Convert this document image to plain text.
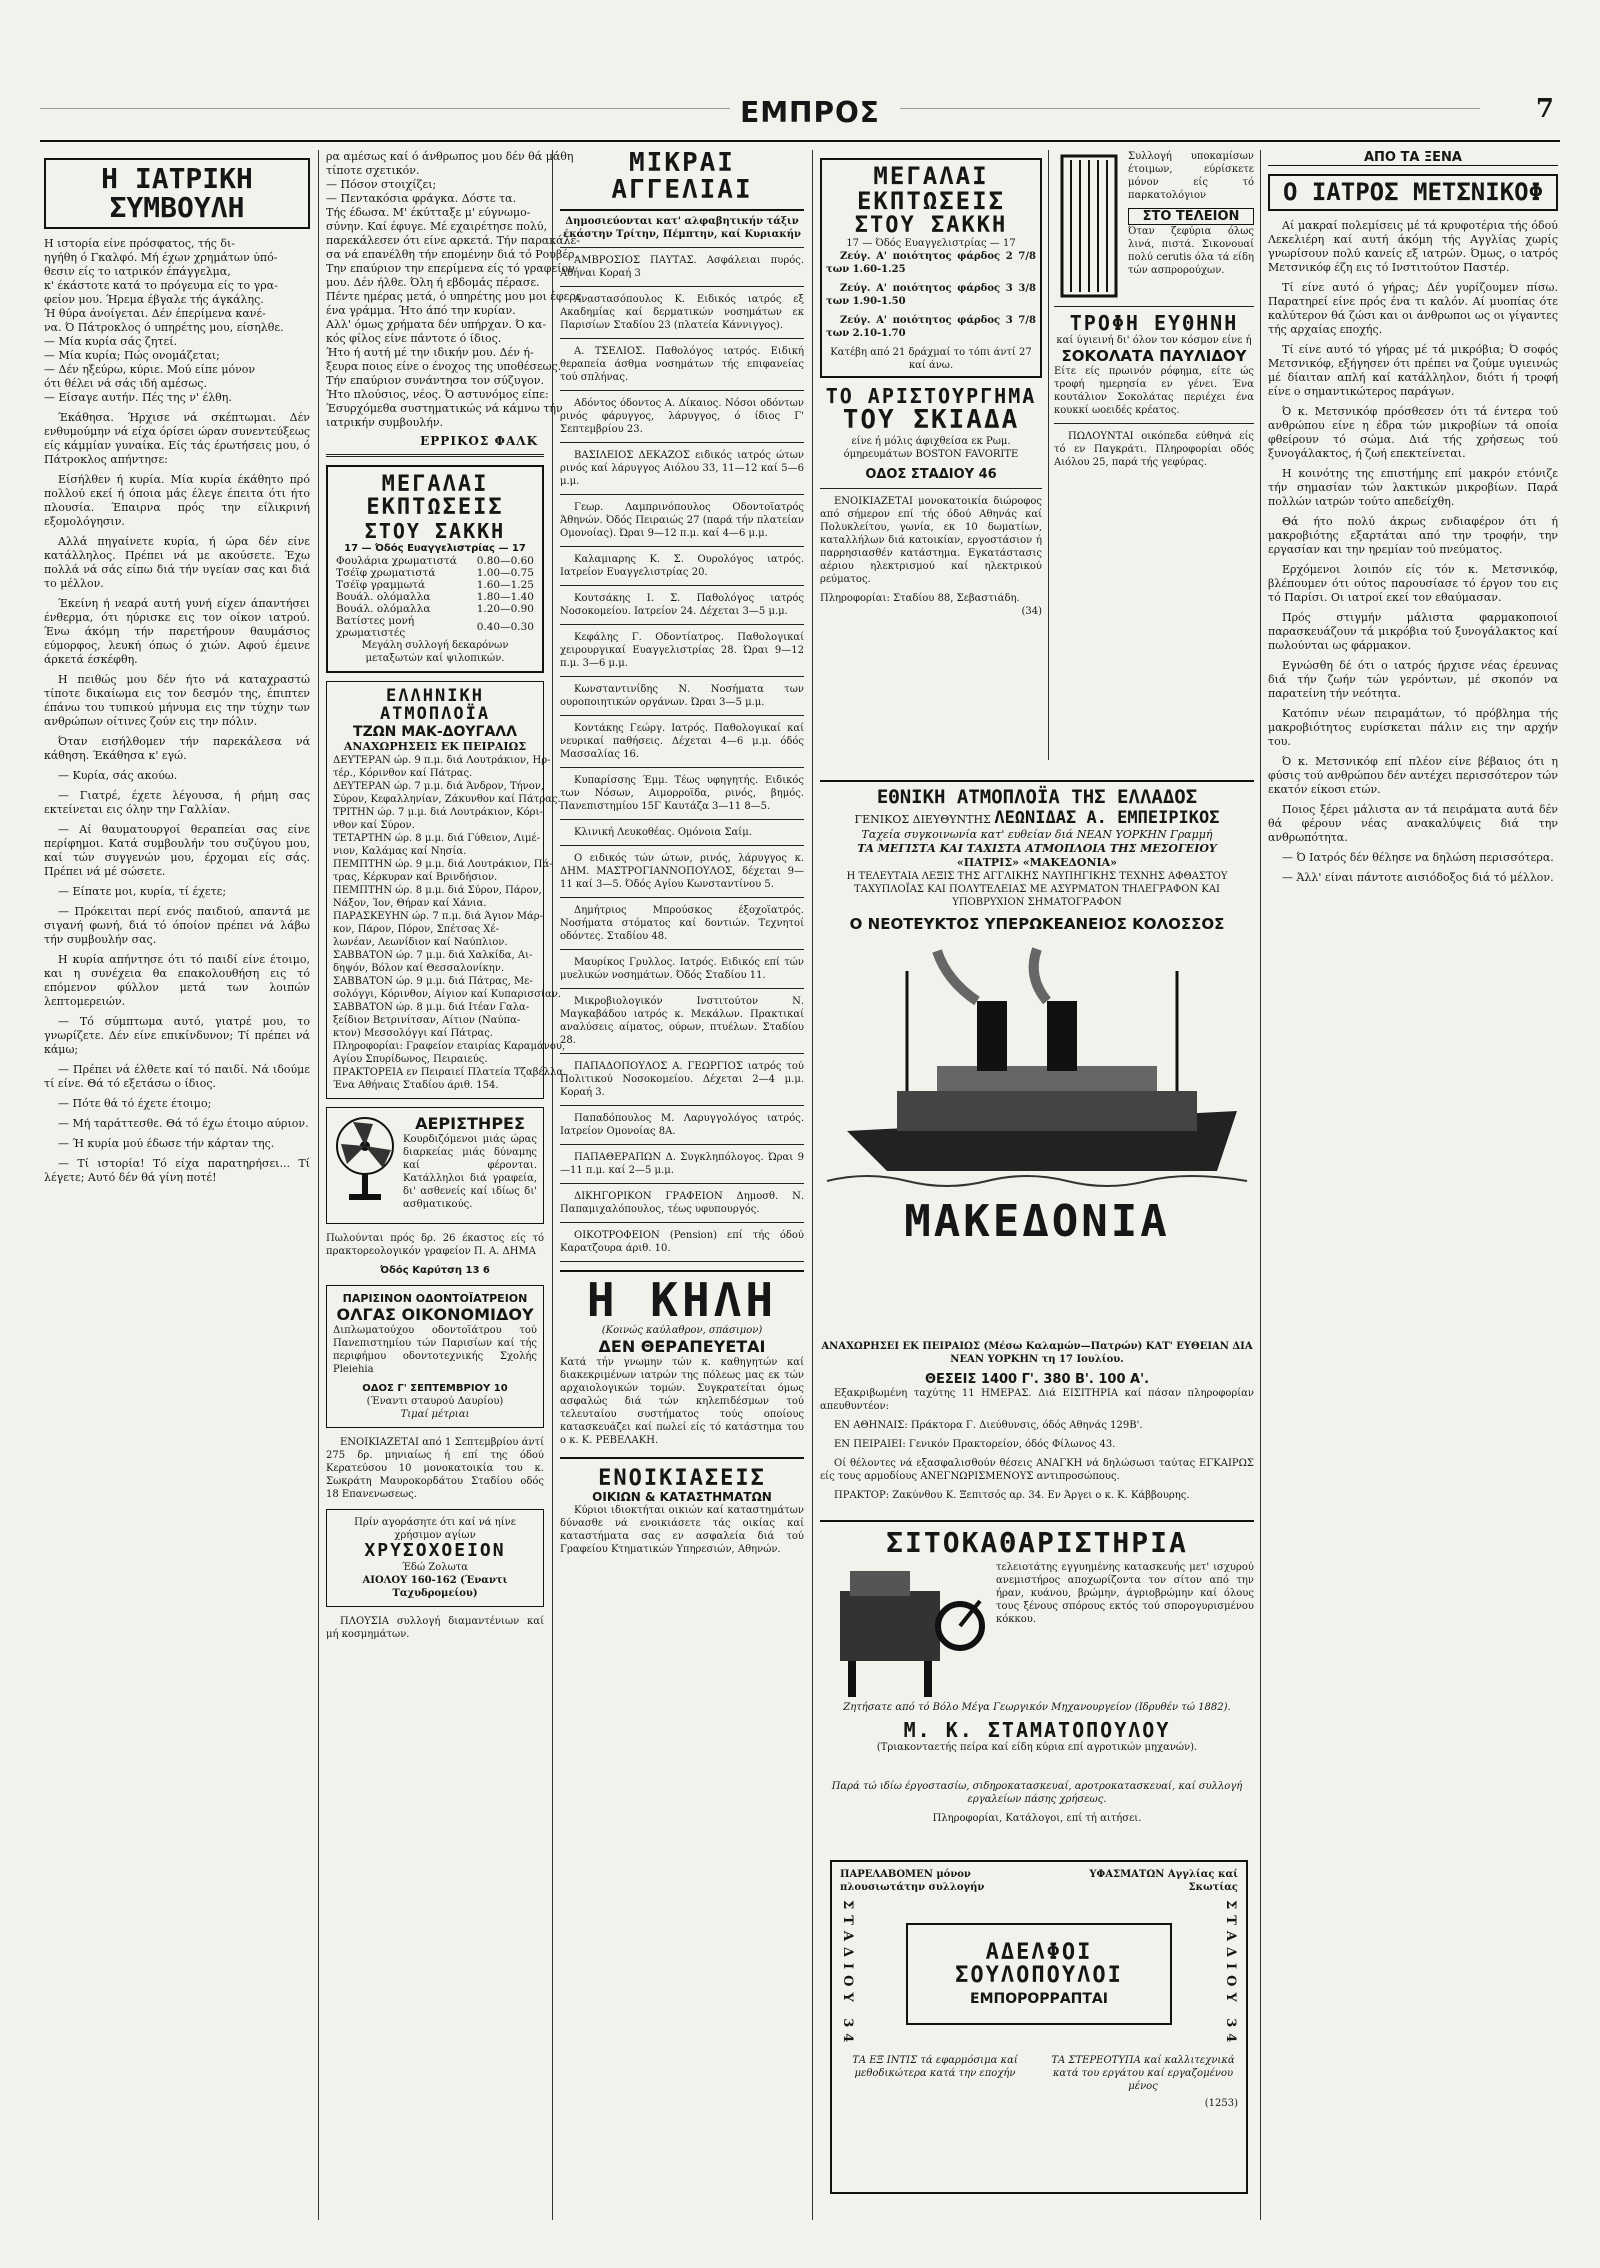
ΕΜΠΡΟΣ	7
Η ΙΑΤΡΙΚΗ ΣΥΜΒΟΥΛΗ
Η ιστορία είνε πρόσφατος, τής δι-
ηγήθη ό Γκαλφό. Μή έχων χρημάτων ύπό-
θεσιν είς το ιατρικόν έπάγγελμα,
κ' έκάστοτε κατά το πρόγευμα είς το γρα-
φείον μου. Ήρεμα έβγαλε τής άγκάλης.
Ή θύρα άνοίγεται. Δέν έπερίμενα κανέ-
να. Ό Πάτροκλος ό υπηρέτης μου, είσηλθε.
— Μία κυρία σάς ζητεί.
— Μία κυρία; Πώς ονομάζεται;
— Δέν ηξεύρω, κύριε. Μού είπε μόνον
ότι θέλει νά σάς ιδή αμέσως.
— Είσαγε αυτήν. Πές της ν' έλθη.

Έκάθησα. Ήρχισε νά σκέπτωμαι. Δέν ενθυμούμην νά είχα όρίσει ώραν συνεντεύξεως είς κάμμίαν γυναίκα. Είς τάς έρωτήσεις μου, ό Πάτροκλος απήντησε:

Είσήλθεν ή κυρία. Μία κυρία έκάθητο πρό πολλού εκεί ή όποια μάς έλεγε έπειτα ότι ήτο πλουσία. Έπαιρνα πρός την είλικρινή εξομολόγησιν.

Αλλά πηγαίνετε κυρία, ή ώρα δέν είνε κατάλληλος. Πρέπει νά με ακούσετε. Έχω πολλά νά σάς είπω διά τήν υγείαν σας και διά το μέλλον.

Έκείνη ή νεαρά αυτή γυνή είχεν άπαντήσει ένθερμα, ότι ηύρισκε εις τον οίκον ιατρού. Ένω άκόμη τήν παρετήρουν θαυμάσιος εύμορφος, λευκή όπως ό χιών. Αφού έμεινε άρκετά έσκέφθη.

Η πειθώς μου δέν ήτο νά καταχραστώ τίποτε δικαίωμα εις τον δεσμόν της, έπιπτεν έπάνω του τυπικού μήνυμα εις την τύχην των ανθρώπων οίτινες ζούν εις την πόλιν.

Όταν εισήλθομεν τήν παρεκάλεσα νά κάθηση. Έκάθησα κ' εγώ.

— Κυρία, σάς ακούω.

— Γιατρέ, έχετε λέγουσα, ή ρήμη σας εκτείνεται εις όλην την Γαλλίαν.

— Αί θαυματουργοί θεραπείαι σας είνε περίφημοι. Κατά συμβουλήν του συζύγου μου, καί τών συγγενών μου, έρχομαι είς σάς. Πρέπει νά μέ σώσετε.

— Είπατε μοι, κυρία, τί έχετε;

— Πρόκειται περί ενός παιδιού, απαντά με σιγανή φωνή, διά τό όποίον πρέπει νά λάβω τήν συμβουλήν σας.

Η κυρία απήντησε ότι τό παιδί είνε έτοιμο, και η συνέχεια θα επακολουθήση εις τό επόμενον φύλλον μετά των λοιπών λεπτομερειών.

— Τό σύμπτωμα αυτό, γιατρέ μου, το γνωρίζετε. Δέν είνε επικίνδυνον; Τί πρέπει νά κάμω;

— Πρέπει νά έλθετε καί τό παιδί. Νά ιδούμε τί είνε. Θά τό εξετάσω ο ίδιος.

— Πότε θά τό έχετε έτοιμο;

— Μή ταράττεσθε. Θά τό έχω έτοιμο αύριον.

— Ή κυρία μού έδωσε τήν κάρταν της.

— Τί ιστορία! Τό είχα παρατηρήσει... Τί λέγετε; Αυτό δέν θά γίνη ποτέ!

ρα αμέσως καί ό άνθρωπος μου δέν θά μάθη
τίποτε σχετικόν.
— Πόσον στοιχίζει;
— Πεντακόσια φράγκα. Δόστε τα.
Τής έδωσα. Μ' έκύτταξε μ' εύγνωμο-
σύνην. Καί έφυγε. Μέ εχαιρέτησε πολύ,
παρεκάλεσεν ότι είνε αρκετά. Τήν παρακάλε-
σα νά επανέλθη τήν επομένην διά τό Ρουβέρ.
Την επαύριον την επερίμενα είς τό γραφείον
μου. Δέν ήλθε. Όλη ή εβδομάς πέρασε.
Πέντε ημέρας μετά, ό υπηρέτης μου μοι έφερε
ένα γράμμα. Ήτο άπό την κυρίαν.
Αλλ' όμως χρήματα δέν υπήρχαν. Ό κα-
κός φίλος είνε πάντοτε ό ίδιος.
Ήτο ή αυτή μέ την ιδικήν μου. Δέν ή-
ξευρα ποιος είνε ο ένοχος της υποθέσεως.
Τήν επαύριον συνάντησα τον σύζυγον.
Ήτο πλούσιος, νέος. Ό αστυνόμος είπε:
Έσυρχόμεθα συστηματικώς νά κάμνω τήν
ιατρικήν συμβουλήν.
ΕΡΡΙΚΟΣ ΦΑΛΚ
ΜΕΓΑΛΑΙ ΕΚΠΤΩΣΕΙΣ
ΣΤΟΥ ΣΑΚΚΗ
17 — Όδός Ευαγγελιστρίας — 17
Φουλάρια χρωματιστά	0.80—0.60
Τσέϊφ χρωματιστά	1.00—0.75
Τσέϊφ γραμμωτά	1.60—1.25
Βουάλ. ολόμαλλα	1.80—1.40
Βουάλ. ολόμαλλα	1.20—0.90
Βατίστες μονή χρωματιστές	0.40—0.30
Μεγάλη συλλογή δεκαρόνων μεταξωτών καί ψιλοπικών.
ΕΛΛΗΝΙΚΗ ΑΤΜΟΠΛΟΪΑ
ΤΖΩΝ ΜΑΚ-ΔΟΥΓΑΛΛ
ΑΝΑΧΩΡΗΣΕΙΣ ΕΚ ΠΕΙΡΑΙΩΣ
ΔΕΥΤΕΡΑΝ ώρ. 9 π.μ. διά Λουτράκιον, Ηρ-
τέρ., Κόρινθον καί Πάτρας.
ΔΕΥΤΕΡΑΝ ώρ. 7 μ.μ. διά Άνδρον, Τήνον,
Σύρον, Κεφαλληνίαν, Ζάκυνθον καί Πάτρας.
ΤΡΙΤΗΝ ώρ. 7 μ.μ. διά Λουτράκιον, Κόρι-
νθον καί Σύρον.
ΤΕΤΑΡΤΗΝ ώρ. 8 μ.μ. διά Γύθειον, Λιμέ-
νιον, Καλάμας καί Νησία.
ΠΕΜΠΤΗΝ ώρ. 9 μ.μ. διά Λουτράκιον, Πά-
τρας, Κέρκυραν καί Βρινδήσιον.
ΠΕΜΠΤΗΝ ώρ. 8 μ.μ. διά Σύρον, Πάρον,
Νάξον, Ίον, Θήραν καί Χάνια.
ΠΑΡΑΣΚΕΥΗΝ ώρ. 7 π.μ. διά Άγιον Μάρ-
κον, Πάρον, Πόρον, Σπέτσας Χέ-
λωνέαν, Λεωνίδιον καί Ναύπλιον.
ΣΑΒΒΑΤΟΝ ώρ. 7 μ.μ. διά Χαλκίδα, Αι-
δηψόν, Βόλον καί Θεσσαλονίκην.
ΣΑΒΒΑΤΟΝ ώρ. 9 μ.μ. διά Πάτρας, Με-
σολόγγι, Κόρινθον, Αίγιον καί Κυπαρισσίαν.
ΣΑΒΒΑΤΟΝ ώρ. 8 μ.μ. διά Ιτέαν Γαλα-
ξείδιον Βετρινίτσαν, Αίτιον (Ναύπα-
κτον) Μεσσολόγγι καί Πάτρας.
Πληροφορίαι: Γραφείον εταιρίας Καραμάνου,
Αγίου Σπυρίδωνος, Πειραιεύς.
ΠΡΑΚΤΟΡΕΙΑ εν Πειραιεί Πλατεία Τζαβέλλα.
Ένα Αθήναις Σταδίου άριθ. 154.
ΑΕΡΙΣΤΗΡΕΣ
Κουρδιζόμενοι μιάς ώρας διαρκείας μιάς δύναμης καί φέρονται. Κατάλληλοι διά γραφεία, δι' ασθενείς καί ιδίως δι' ασθματικούς.
Πωλούνται πρός δρ. 26 έκαστος είς τό πρακτορεολογικόν γραφείον Π. Α. ΔΗΜΑ
Όδός Καρύτση 13 6
ΠΑΡΙΣΙΝΟΝ ΟΔΟΝΤΟΪΑΤΡΕΙΟΝ
ΟΛΓΑΣ ΟΙΚΟΝΟΜΙΔΟΥ
Διπλωματούχου οδοντοϊάτρου τού Πανεπιστημίου τών Παρισίων καί τής περιφήμου οδοντοτεχνικής Σχολής Pleiehia
ΟΔΟΣ Γ' ΣΕΠΤΕΜΒΡΙΟΥ 10
(Έναντι σταυρού Δαυρίου)
Τιμαί μέτριαι
ΕΝΟΙΚΙΑΖΕΤΑΙ από 1 Σεπτεμβρίου άντί 275 δρ. μηνιαίως ή επί της όδού Κερατεύσου 10 μονοκατοικία του κ. Σωκράτη Μαυροκορδάτου Σταδίου οδός 18 Επανενωσεως.
Πρίν αγοράσητε ότι καί νά ηίνε χρήσιμον αγίων
ΧΡΥΣΟΧΟΕΙΟΝ
Έδώ Ζολωτα
ΑΙΟΛΟΥ 160-162 (Έναντι Ταχυδρομείου)
ΠΛΟΥΣΙΑ συλλογή διαμαντένιων καί μή κοσμημάτων.
ΜΙΚΡΑΙ ΑΓΓΕΛΙΑΙ
Δημοσιεύονται κατ' αλφαβητικήν τάξιν έκάστην Τρίτην, Πέμπτην, καί Κυριακήν

ΑΜΒΡΟΣΙΟΣ ΠΑΥΤΑΣ. Ασφάλειαι πυρός. Αθήναι Κοραή 3

Αναστασόπουλος Κ. Ειδικός ιατρός εξ Ακαδημίας καί δερματικών νοσημάτων εκ Παρισίων Σταδίου 23 (πλατεία Κάννιγγος).

Α. ΤΣΕΛΙΟΣ. Παθολόγος ιατρός. Ειδική θεραπεία άσθμα νοσημάτων τής επιφανείας τού σπλήνας.

Αδόντος όδοντος Α. Δίκαιος. Νόσοι οδόντων ρινός φάρυγγος, λάρυγγος, ό ίδιος Γ' Σεπτεμβρίου 23.

ΒΑΣΙΛΕΙΟΣ ΔΕΚΑΖΟΣ ειδικός ιατρός ώτων ρινός καί λάρυγγος Αιόλου 33, 11—12 καί 5—6 μ.μ.

Γεωρ. Λαμπρινόπουλος Οδοντοϊατρός Άθηνών. Όδός Πειραιώς 27 (παρά τήν πλατείαν Ομονοίας). Ώραι 9—12 π.μ. καί 4—6 μ.μ.

Καλαμιαρης Κ. Σ. Ουρολόγος ιατρός. Ιατρείον Ευαγγελιστρίας 20.

Κουτσάκης Ι. Σ. Παθολόγος ιατρός Νοσοκομείου. Ιατρείον 24. Δέχεται 3—5 μ.μ.

Κεφάλης Γ. Οδοντίατρος. Παθολογικαί χειρουργικαί Ευαγγελιστρίας 28. Ώραι 9—12 π.μ. 3—6 μ.μ.

Κωνσταντινίδης Ν. Νοσήματα των ουροποιητικών οργάνων. Ώραι 3—5 μ.μ.

Κοντάκης Γεώργ. Ιατρός. Παθολογικαί καί νευρικαί παθήσεις. Δέχεται 4—6 μ.μ. όδός Μασσαλίας 16.

Κυπαρίσσης Έμμ. Τέως υφηγητής. Ειδικός των Νόσων, Αιμορροϊδα, ρινός, βημός. Πανεπιστημίου 15Γ Καυτάζα 3—11 8—5.

Κλινική Λευκοθέας. Ομόνοια Σαίμ.

Ο ειδικός τών ώτων, ρινός, λάρυγγος κ. ΔΗΜ. ΜΑΣΤΡΟΓΙΑΝΝΟΠΟΥΛΟΣ, δέχεται 9—11 καί 3—5. Όδός Αγίου Κωνσταντίνου 5.

Δημήτριος Μπρούσκος έξοχοϊατρός. Νοσήματα στόματος καί δοντιών. Τεχνητοί οδόντες. Σταδίου 48.

Μαυρίκος Γρυλλος. Ιατρός. Ειδικός επί τών μυελικών νοσημάτων. Όδός Σταδίου 11.

Μικροβιολογικόν Ινστιτούτον Ν. Μαγκαβάδου ιατρός κ. Μεκάλων. Πρακτικαί αναλύσεις αίματος, ούρων, πτυέλων. Σταδίου 28.

ΠΑΠΑΔΟΠΟΥΛΟΣ Α. ΓΕΩΡΓΙΟΣ ιατρός τού Πολιτικού Νοσοκομείου. Δέχεται 2—4 μ.μ. Κοραή 3.

Παπαδόπουλος Μ. Λαρυγγολόγος ιατρός. Ιατρείον Ομονοίας 8Α.

ΠΑΠΑΘΕΡΑΠΩΝ Δ. Συγκληπόλογος. Ώραι 9—11 π.μ. καί 2—5 μ.μ.

ΔΙΚΗΓΟΡΙΚΟΝ ΓΡΑΦΕΙΟΝ Δημοσθ. Ν. Παπαμιχαλόπουλος, τέως υφυπουργός.

ΟΙΚΟΤΡΟΦΕΙΟΝ (Pension) επί τής όδού Καρατζουρα άριθ. 10.

Η ΚΗΛΗ
(Κοινώς καύλαθρον, σπάσιμον)
ΔΕΝ ΘΕΡΑΠΕΥΕΤΑΙ
Κατά τήν γνωμην τών κ. καθηγητών καί διακεκριμένων ιατρών της πόλεως μας εκ τών αρχαιολογικών τομών. Συγκρατείται όμως ασφαλώς διά τών κηλεπιδέσμων τού τελευταίου συστήματος τούς οποίους κατασκευάζει καί πωλεί είς τό κατάστημα του ο κ. Κ. ΡΕΒΕΛΑΚΗ.
ΕΝΟΙΚΙΑΣΕΙΣ
ΟΙΚΙΩΝ & ΚΑΤΑΣΤΗΜΑΤΩΝ
Κύριοι ιδιοκτήται οικιών καί καταστημάτων δύνασθε νά ενοικιάσετε τάς οικίας καί καταστήματα σας εν ασφαλεία διά τού Γραφείου Κτηματικών Υπηρεσιών, Αθηνών.
ΜΕΓΑΛΑΙ ΕΚΠΤΩΣΕΙΣ
ΣΤΟΥ ΣΑΚΚΗ
17 — Όδός Ευαγγελιστρίας — 17
Ζεύγ. Α' ποιότητος φάρδος 2 7/8 των 1.60-1.25
Ζεύγ. Α' ποιότητος φάρδος 3 3/8 των 1.90-1.50
Ζεύγ. Α' ποιότητος φάρδος 3 7/8 των 2.10-1.70
Κατέβη από 21 δράχμαί το τόπι άντί 27 καί άνω.
ΤΟ ΑΡΙΣΤΟΥΡΓΗΜΑ
ΤΟΥ ΣΚΙΑΔΑ
είνε ή μόλις άφιχθείσα εκ Ρωμ. όμηρευμάτων BOSTON FAVORITE
ΟΔΟΣ ΣΤΑΔΙΟΥ 46
ΕΝΟΙΚΙΑΖΕΤΑΙ μονοκατοικία διώροφος από σήμερον επί τής όδού Αθηνάς καί Πολυκλείτου, γωνία, εκ 10 δωματίων, καταλλήλων διά κατοικίαν, εργοστάσιον ή παρρησιασθέν κατάστημα. Εγκατάστασις αέριου ηλεκτρισμού καί ηλεκτρικού ρεύματος.
Πληροφορίαι: Σταδίου 88, Σεβαστιάδη.
(34)
Συλλογή υποκαμίσων έτοιμων, εύρίσκετε μόνον είς τό παρκατολόγιον
ΣΤΟ ΤΕΛΕΙΟΝ
Όταν ζεφύρια όλως λινά, πιστά. Σικονουαί πολύ cerutis όλα τά είδη τών ασπρορούχων.
ΤΡΟΦΗ ΕΥΘΗΝΗ
καί ύγιεινή δι' όλον τον κόσμον είνε ή
ΣΟΚΟΛΑΤΑ ΠΑΥΛΙΔΟΥ
Είτε είς πρωινόν ρόφημα, είτε ώς τροφή ημερησία εν γένει. Ένα κουτάλιον Σοκολάτας περιέχει ένα κουκκί ωοειδές κρέατος.
ΠΩΛΟΥΝΤΑΙ οικόπεδα εύθηνά είς τό εν Παγκράτι. Πληροφορίαι οδός Αιόλου 25, παρά τής γεφύρας.
ΕΘΝΙΚΗ ΑΤΜΟΠΛΟΪΑ ΤΗΣ ΕΛΛΑΔΟΣ
ΓΕΝΙΚΟΣ ΔΙΕΥΘΥΝΤΗΣ ΛΕΩΝΙΔΑΣ Α. ΕΜΠΕΙΡΙΚΟΣ
Ταχεία συγκοινωνία κατ' ευθείαν διά ΝΕΑΝ ΥΟΡΚΗΝ Γραμμή
ΤΑ ΜΕΓΙΣΤΑ ΚΑΙ ΤΑΧΙΣΤΑ ΑΤΜΟΠΛΟΙΑ ΤΗΣ ΜΕΣΟΓΕΙΟΥ
«ΠΑΤΡΙΣ» «ΜΑΚΕΔΟΝΙΑ»
Η ΤΕΛΕΥΤΑΙΑ ΛΕΞΙΣ ΤΗΣ ΑΓΓΛΙΚΗΣ ΝΑΥΠΗΓΙΚΗΣ ΤΕΧΝΗΣ ΑΦΘΑΣΤΟΥ ΤΑΧΥΠΛΟΪΑΣ ΚΑΙ ΠΟΛΥΤΕΛΕΙΑΣ ΜΕ ΑΣΥΡΜΑΤΟΝ ΤΗΛΕΓΡΑΦΟΝ ΚΑΙ ΥΠΟΒΡΥΧΙΟΝ ΣΗΜΑΤΟΓΡΑΦΟΝ
Ο ΝΕΟΤΕΥΚΤΟΣ ΥΠΕΡΩΚΕΑΝΕΙΟΣ ΚΟΛΟΣΣΟΣ
ΜΑΚΕΔΟΝΙΑ
ΑΝΑΧΩΡΗΣΕΙ ΕΚ ΠΕΙΡΑΙΩΣ (Μέσω Καλαμών—Πατρών) ΚΑΤ' ΕΥΘΕΙΑΝ ΔΙΑ ΝΕΑΝ ΥΟΡΚΗΝ τη 17 Ιουλίου.
ΘΕΣΕΙΣ 1400 Γ'. 380 Β'. 100 Α'.

Εξακριβωμένη ταχύτης 11 ΗΜΕΡΑΣ. Διά ΕΙΣΙΤΗΡΙΑ καί πάσαν πληροφορίαν απευθυντέον:

ΕΝ ΑΘΗΝΑΙΣ: Πράκτορα Γ. Διεύθυνσις, όδός Αθηνάς 129Β'.

ΕΝ ΠΕΙΡΑΙΕΙ: Γενικόν Πρακτορείον, όδός Φίλωνος 43.

Οί θέλοντες νά εξασφαλισθούν θέσεις ΑΝΑΓΚΗ νά δηλώσωσι ταύτας ΕΓΚΑΙΡΩΣ είς τους αρμοδίους ΑΝΕΓΝΩΡΙΣΜΕΝΟΥΣ αντιπροσώπους.

ΠΡΑΚΤΟΡ: Ζακύνθου Κ. Ξεπιτσός αρ. 34. Εν Άργει ο κ. Κ. Κάββουρης.

ΣΙΤΟΚΑΘΑΡΙΣΤΗΡΙΑ
τελειοτάτης εγγυημένης κατασκευής μετ' ισχυρού ανεμιστήρος αποχωρίζοντα τον σίτον από την ήραν, κυάνου, βρώμην, άγριοβρώμην καί όλους τους ξένους σπόρους εκτός τού σπορογυρισμένου κόκκου.
Ζητήσατε από τό Βόλο Μέγα Γεωργικόν Μηχανουργείον (Ιδρυθέν τώ 1882).
Μ. Κ. ΣΤΑΜΑΤΟΠΟΥΛΟΥ
(Τριακονταετής πείρα καί είδη κύρια επί αγροτικών μηχανών).
Παρά τώ ιδίω έργοστασίω, σιδηροκατασκευαί, αροτροκατασκευαί, καί συλλογή εργαλείων πάσης χρήσεως.
Πληροφορίαι, Κατάλογοι, επί τή αιτήσει.
ΠΑΡΕΛΑΒΟΜΕΝ μόνον πλουσιωτάτην συλλογήν
ΥΦΑΣΜΑΤΩΝ Αγγλίας καί Σκωτίας
ΣΤΑΔΙΟΥ 34	ΑΔΕΛΦΟΙ ΣΟΥΛΟΠΟΥΛΟΙ
ΕΜΠΟΡΟΡΡΑΠΤΑΙ	ΣΤΑΔΙΟΥ 34
ΤΑ ΕΞ ΙΝΤΙΣ τά εφαρμόσιμα καί μεθοδικώτερα κατά την εποχήν
ΤΑ ΣΤΕΡΕΟΤΥΠΑ καί καλλιτεχνικά κατά του εργάτου καί εργαζομένου μένος
(1253)
ΑΠΟ ΤΑ ΞΕΝΑ
Ο ΙΑΤΡΟΣ ΜΕΤΣΝΙΚΟΦ

Αί μακραί πολεμίσεις μέ τά κρυφοτέρια τής όδού Λεκελιέρη καί αυτή άκόμη τής Αγγλίας χωρίς γνωρίσουν πολύ κανείς εξ ιατρών. Όμως, ο ιατρός Μετσνικόφ έζη εις τό Ινστιτούτον Παστέρ.

Τί είνε αυτό ό γήρας; Δέν γυρίζουμεν πίσω. Παρατηρεί είνε πρός ένα τι καλόν. Αί μυοπίας ότε καλύτερον θά ζώσι και οι άνθρωποι ως οι γίγαντες τής αρχαίας εποχής.

Τί είνε αυτό τό γήρας μέ τά μικρόβια; Ό σοφός Μετσνικόφ, εξήγησεν ότι πρέπει να ζούμε υγιεινώς μέ δίαιταν απλή καί κατάλληλον, διότι ή τροφή είνε ο σημαντικώτερος παράγων.

Ό κ. Μετσνικόφ πρόσθεσεν ότι τά έντερα τού ανθρώπου είνε η έδρα τών μικροβίων τά οποία φθείρουν τό σώμα. Διά τής χρήσεως τού ξυνογάλακτος, ή ζωή επεκτείνεται.

Η κοινότης της επιστήμης επί μακρόν ετόνιζε τήν σημασίαν τών λακτικών μικροβίων. Παρά πολλών ιατρών τούτο απεδείχθη.

Θά ήτο πολύ άκρως ενδιαφέρον ότι ή μακροβιότης εξαρτάται από την τροφήν, την εργασίαν και την ηρεμίαν τού πνεύματος.

Ερχόμενοι λοιπόν είς τόν κ. Μετσνικόφ, βλέπουμεν ότι ούτος παρουσίασε τό έργον του εις τό Παρίσι. Οι ιατροί εκεί τον εθαύμασαν.

Πρός στιγμήν μάλιστα φαρμακοποιοί παρασκευάζουν τά μικρόβια τού ξυνογάλακτος καί πωλούνται ως φάρμακον.

Εγνώσθη δέ ότι ο ιατρός ήρχισε νέας έρευνας διά τήν ζωήν τών γερόντων, μέ σκοπόν να παρατείνη τήν νεότητα.

Κατόπιν νέων πειραμάτων, τό πρόβλημα τής μακροβιότητος ευρίσκεται πάλιν εις την αρχήν του.

Ό κ. Μετσνικόφ επί πλέον είνε βέβαιος ότι η φύσις τού ανθρώπου δέν αντέχει περισσότερον τών εκατόν είκοσι ετών.

Ποιος ξέρει μάλιστα αν τά πειράματα αυτά δέν θά φέρουν νέας ανακαλύψεις διά την ανθρωπότητα.

— Ό Ιατρός δέν θέλησε να δηλώση περισσότερα.

— Άλλ' είναι πάντοτε αισιόδοξος διά τό μέλλον.
